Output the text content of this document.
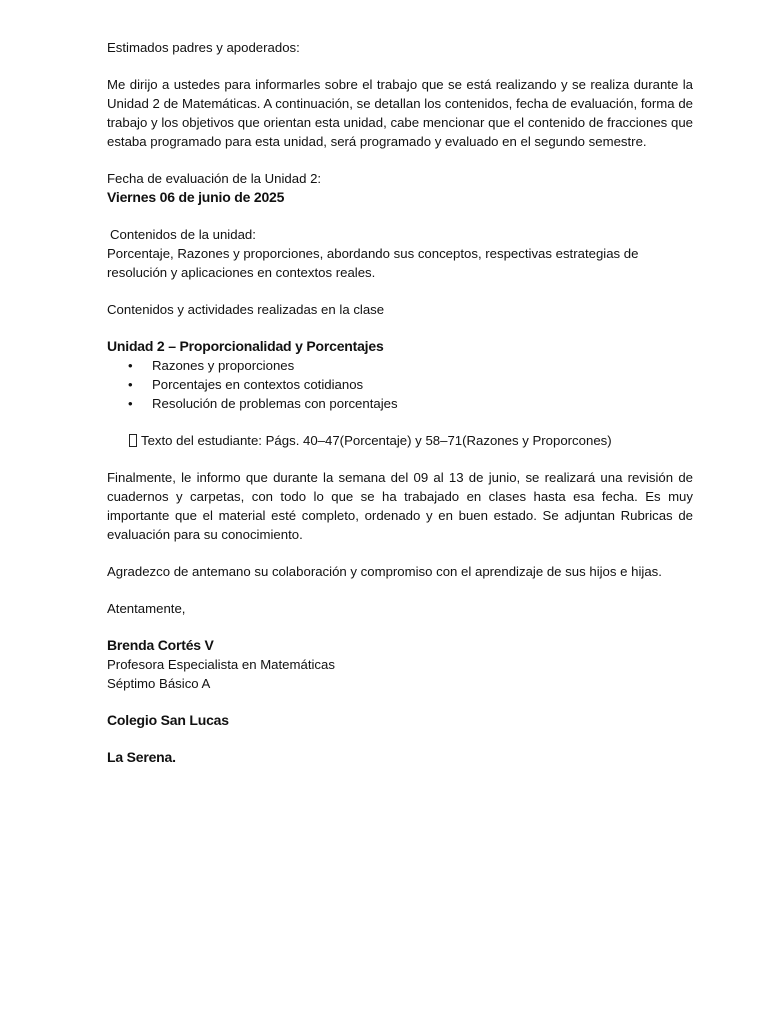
Estimados padres y apoderados:

Me dirijo a ustedes para informarles sobre el trabajo que se está realizando y se realiza durante la Unidad 2 de Matemáticas. A continuación, se detallan los contenidos, fecha de evaluación, forma de trabajo y los objetivos que orientan esta unidad, cabe mencionar que el contenido de fracciones que estaba programado para esta unidad, será programado y evaluado en el segundo semestre.

Fecha de evaluación de la Unidad 2:

Viernes 06 de junio de 2025

Contenidos de la unidad:

Porcentaje, Razones y proporciones, abordando sus conceptos, respectivas estrategias de resolución y aplicaciones en contextos reales.

Contenidos y actividades realizadas en la clase

Unidad 2 – Proporcionalidad y Porcentajes

• Razones y proporciones
• Porcentajes en contextos cotidianos
• Resolución de problemas con porcentajes

Texto del estudiante: Págs. 40–47(Porcentaje) y 58–71(Razones y Proporcones)

Finalmente, le informo que durante la semana del 09 al 13 de junio, se realizará una revisión de cuadernos y carpetas, con todo lo que se ha trabajado en clases hasta esa fecha. Es muy importante que el material esté completo, ordenado y en buen estado. Se adjuntan Rubricas de evaluación para su conocimiento.

Agradezco de antemano su colaboración y compromiso con el aprendizaje de sus hijos e hijas.

Atentamente,

Brenda Cortés V

Profesora Especialista en Matemáticas

Séptimo Básico A

Colegio San Lucas

La Serena.
